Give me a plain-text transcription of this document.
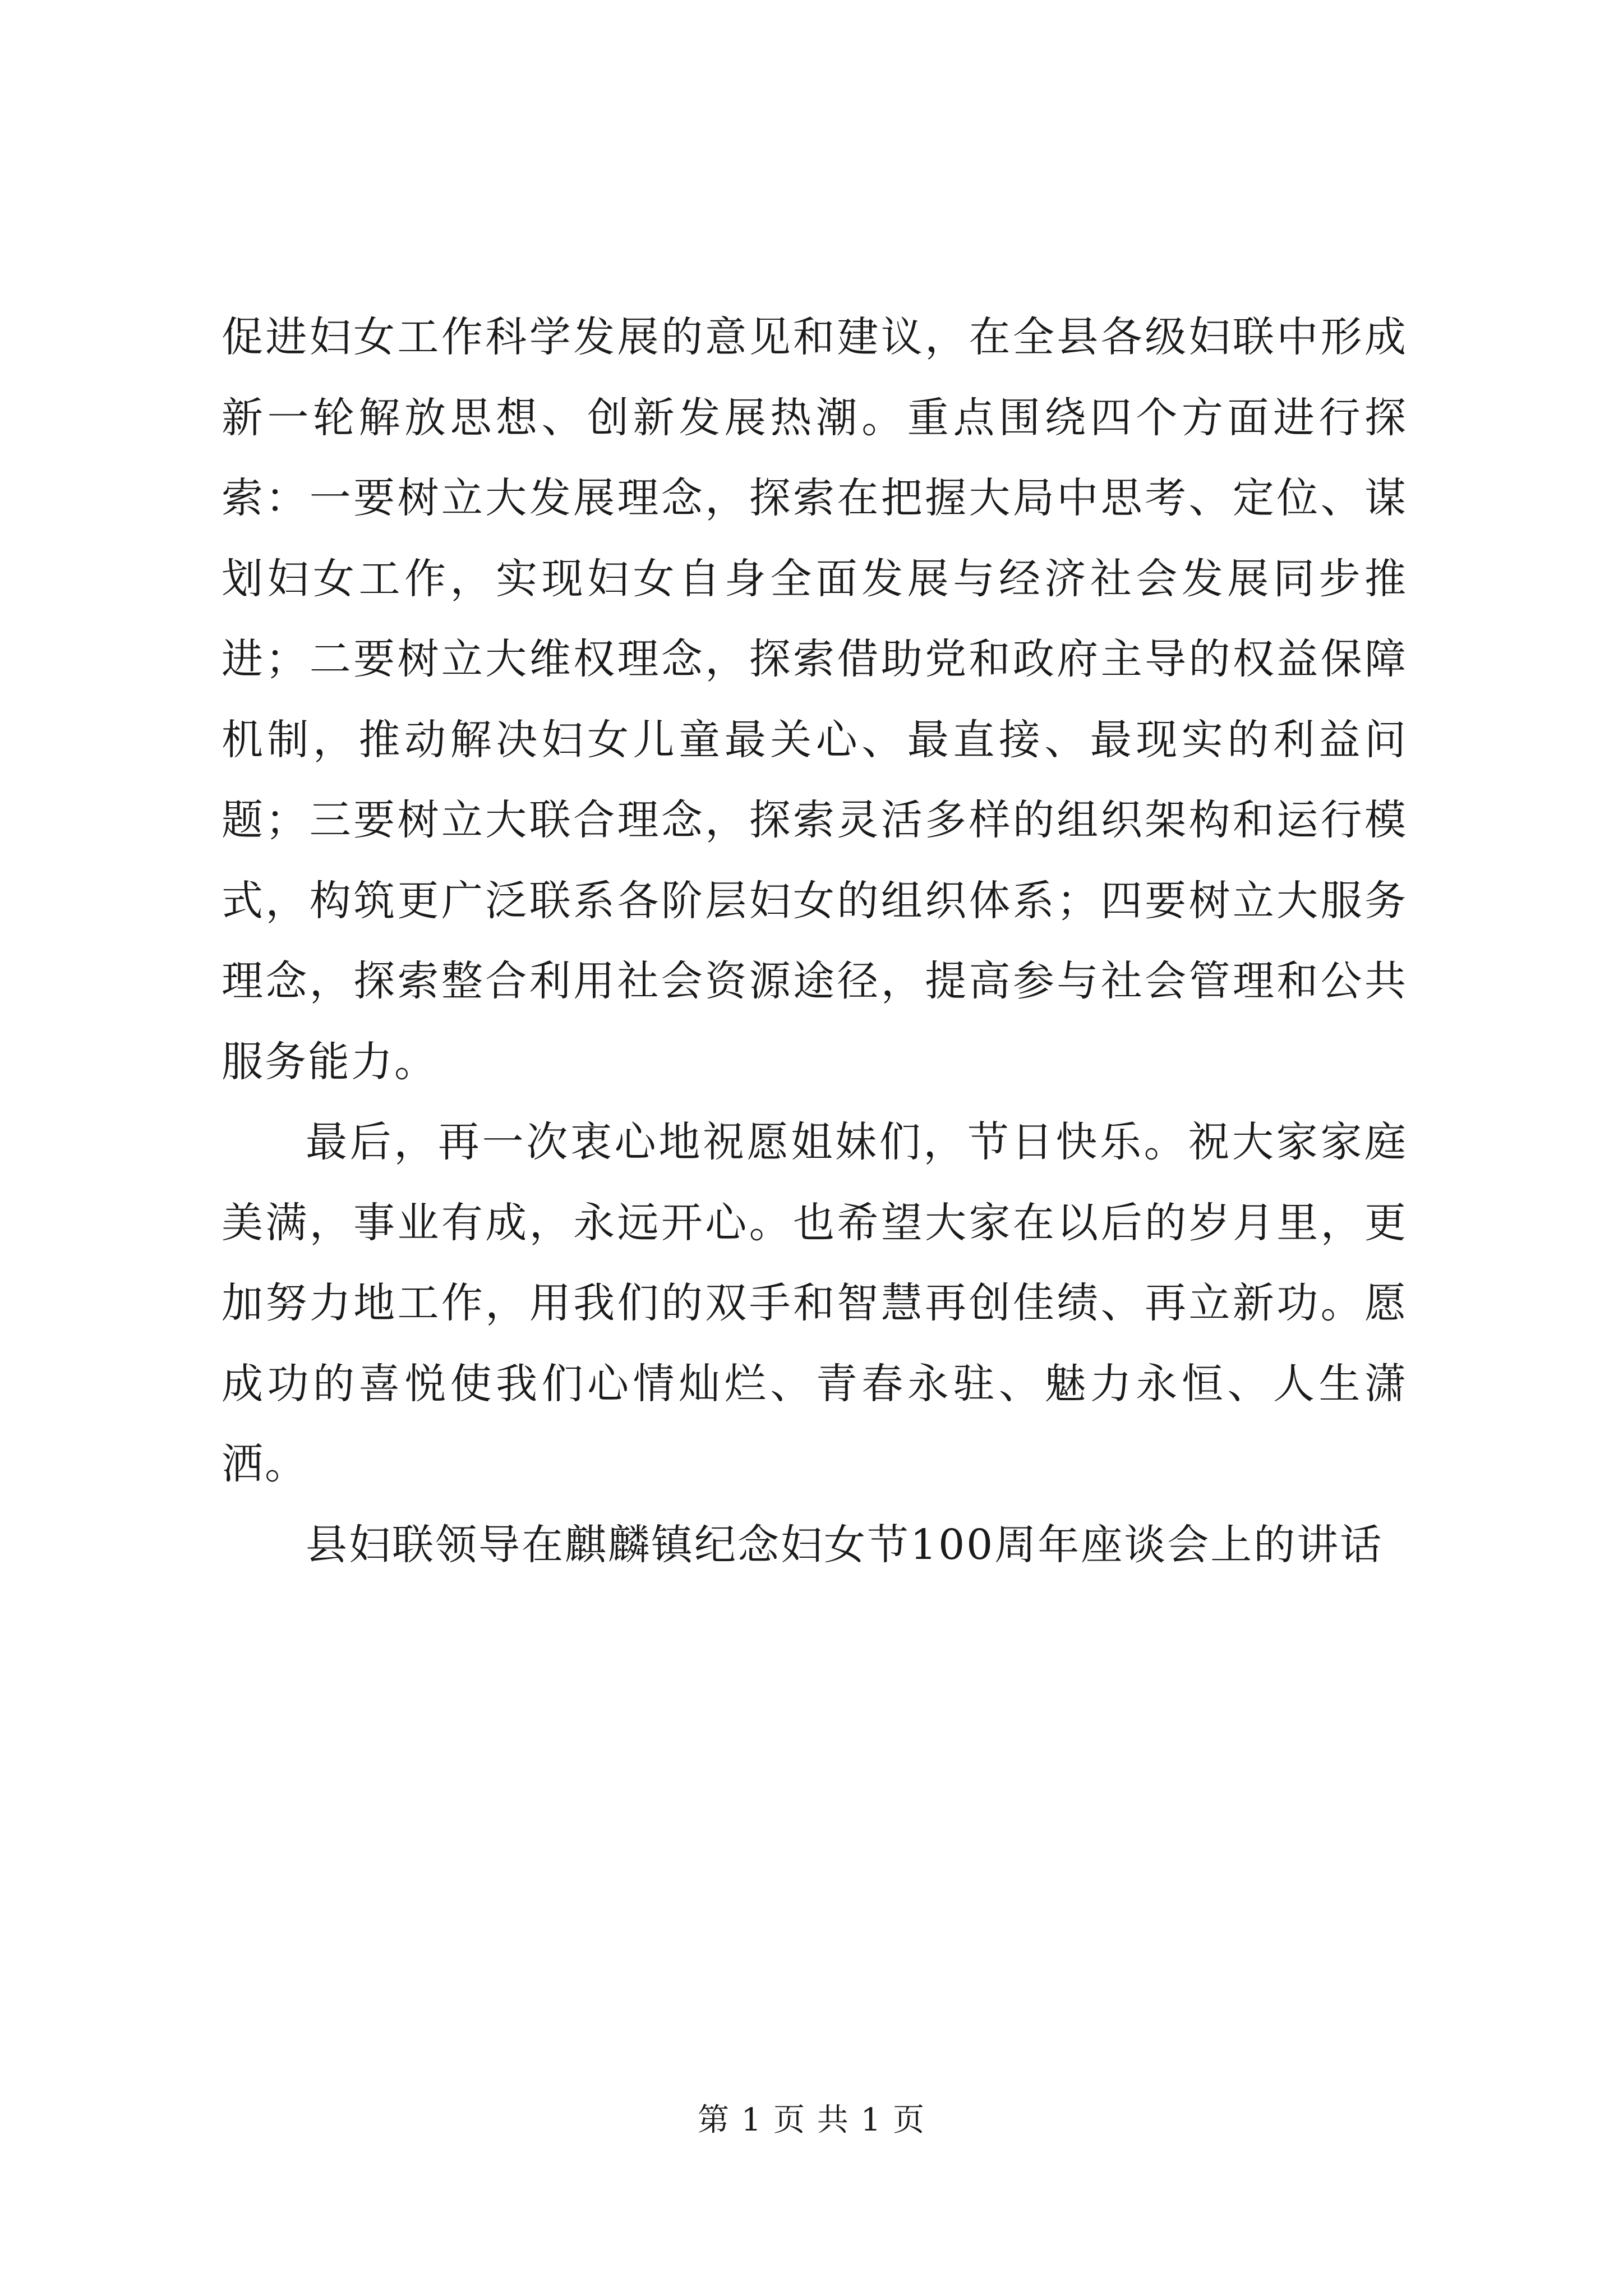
促进妇女工作科学发展的意见和建议，在全县各级妇联中形成新一轮解放思想、创新发展热潮。重点围绕四个方面进行探索：一要树立大发展理念，探索在把握大局中思考、定位、谋划妇女工作，实现妇女自身全面发展与经济社会发展同步推进；二要树立大维权理念，探索借助党和政府主导的权益保障机制，推动解决妇女儿童最关心、最直接、最现实的利益问题；三要树立大联合理念，探索灵活多样的组织架构和运行模式，构筑更广泛联系各阶层妇女的组织体系；四要树立大服务理念，探索整合利用社会资源途径，提高参与社会管理和公共服务能力。

最后，再一次衷心地祝愿姐妹们，节日快乐。祝大家家庭美满，事业有成，永远开心。也希望大家在以后的岁月里，更加努力地工作，用我们的双手和智慧再创佳绩、再立新功。愿成功的喜悦使我们心情灿烂、青春永驻、魅力永恒、人生潇洒。

县妇联领导在麒麟镇纪念妇女节100周年座谈会上的讲话

第 1 页 共 1 页
